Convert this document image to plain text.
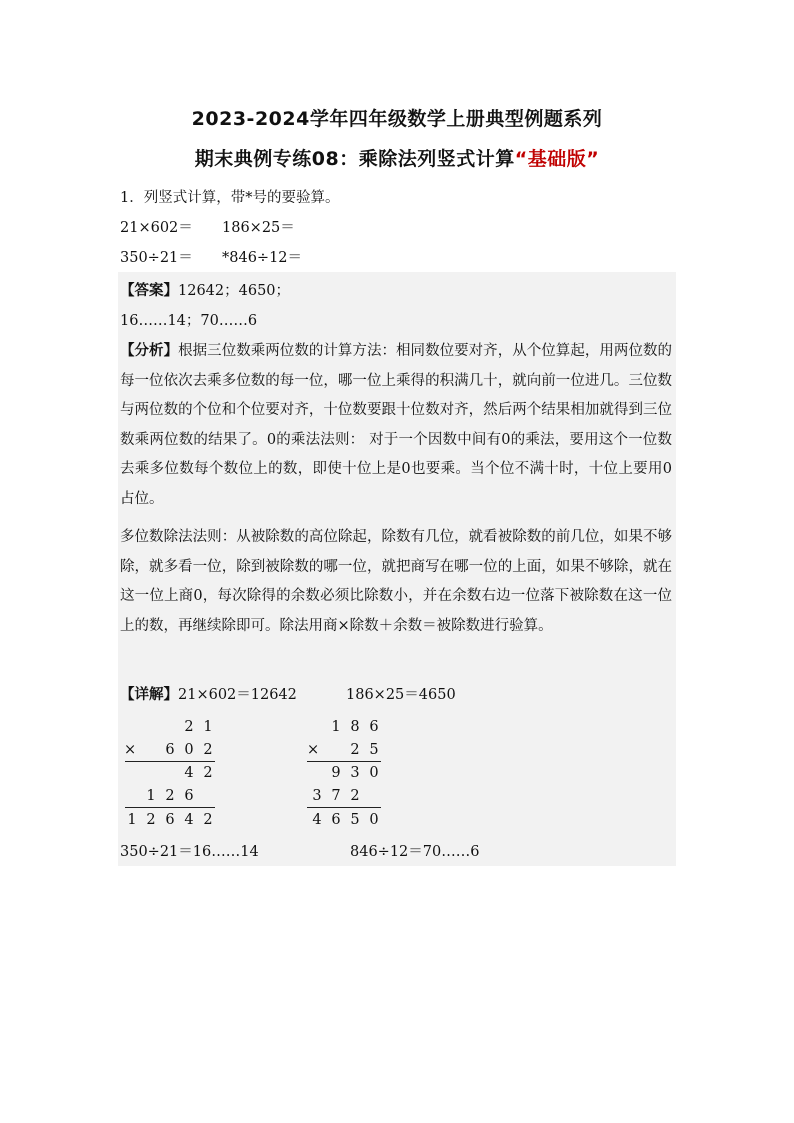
2023-2024学年四年级数学上册典型例题系列
期末典例专练08：乘除法列竖式计算“基础版”
1．列竖式计算，带*号的要验算。
21×602＝ 186×25＝
350÷21＝ *846÷12＝
【答案】12642；4650；
16……14；70……6
【分析】根据三位数乘两位数的计算方法：相同数位要对齐，从个位算起，用两位数的每一位依次去乘多位数的每一位，哪一位上乘得的积满几十，就向前一位进几。三位数与两位数的个位和个位要对齐，十位数要跟十位数对齐，然后两个结果相加就得到三位数乘两位数的结果了。0的乘法法则： 对于一个因数中间有0的乘法，要用这个一位数去乘多位数每个数位上的数，即使十位上是0也要乘。当个位不满十时，十位上要用0占位。
多位数除法法则：从被除数的高位除起，除数有几位，就看被除数的前几位，如果不够除，就多看一位，除到被除数的哪一位，就把商写在哪一位的上面，如果不够除，就在这一位上商0，每次除得的余数必须比除数小，并在余数右边一位落下被除数在这一位上的数，再继续除即可。除法用商×除数＋余数＝被除数进行验算。
【详解】21×602＝12642	186×25＝4650
2 1
6 0 2
4 2
1 2 6
1 2 6 4 2
×
1 8 6
2 5
9 3 0
3 7 2
4 6 5 0
×
350÷21＝16……14	846÷12＝70……6
